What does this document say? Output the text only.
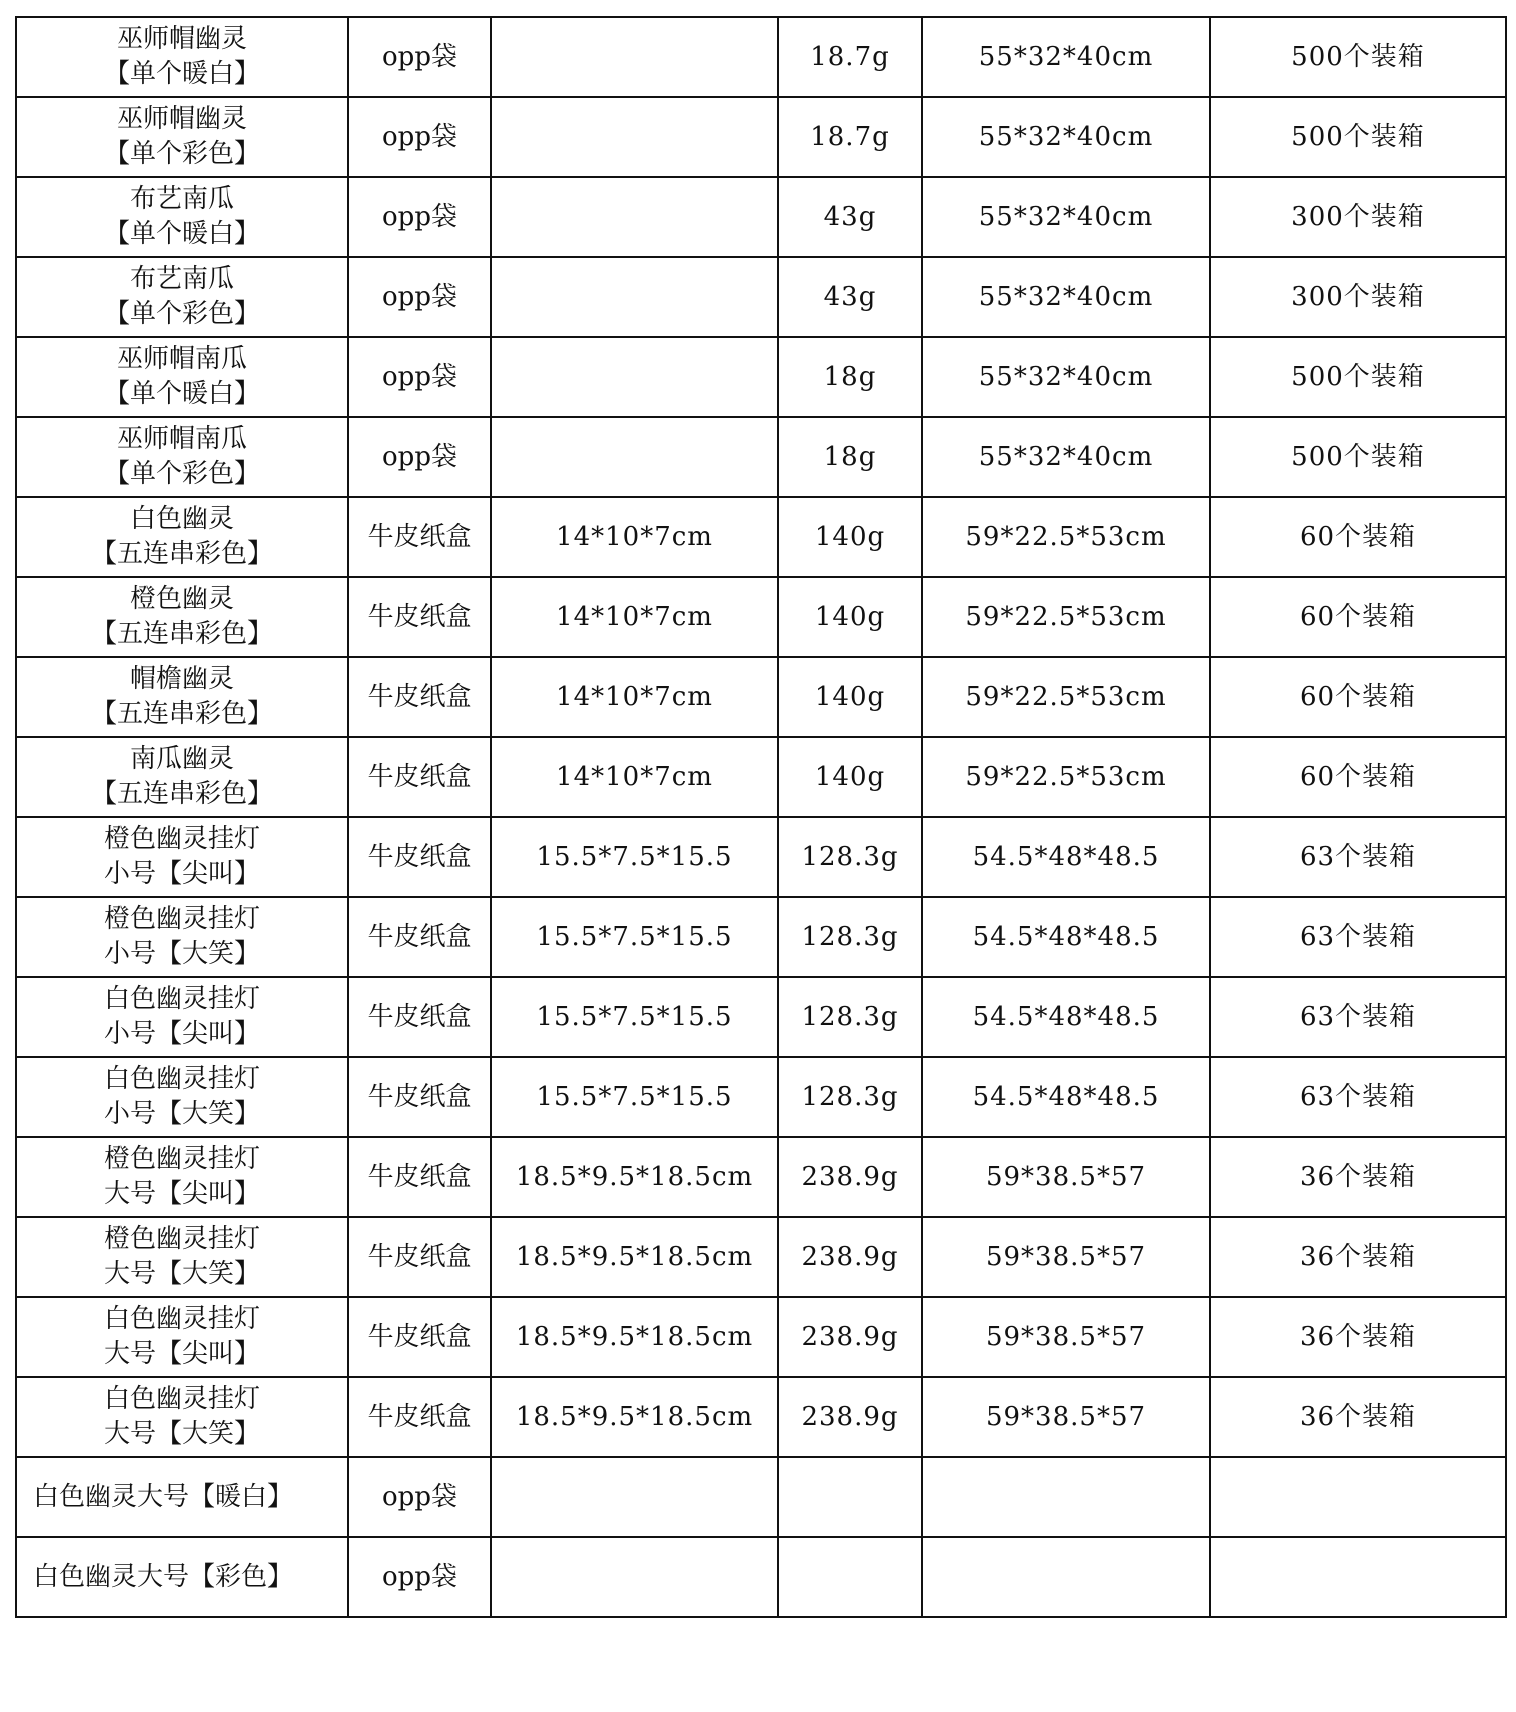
巫师帽幽灵
【单个暖白】	opp袋		18.7g	55*32*40cm	500个装箱

巫师帽幽灵
【单个彩色】	opp袋		18.7g	55*32*40cm	500个装箱

布艺南瓜
【单个暖白】	opp袋		43g	55*32*40cm	300个装箱

布艺南瓜
【单个彩色】	opp袋		43g	55*32*40cm	300个装箱

巫师帽南瓜
【单个暖白】	opp袋		18g	55*32*40cm	500个装箱

巫师帽南瓜
【单个彩色】	opp袋		18g	55*32*40cm	500个装箱

白色幽灵
【五连串彩色】	牛皮纸盒	14*10*7cm	140g	59*22.5*53cm	60个装箱

橙色幽灵
【五连串彩色】	牛皮纸盒	14*10*7cm	140g	59*22.5*53cm	60个装箱

帽檐幽灵
【五连串彩色】	牛皮纸盒	14*10*7cm	140g	59*22.5*53cm	60个装箱

南瓜幽灵
【五连串彩色】	牛皮纸盒	14*10*7cm	140g	59*22.5*53cm	60个装箱

橙色幽灵挂灯
小号【尖叫】	牛皮纸盒	15.5*7.5*15.5	128.3g	54.5*48*48.5	63个装箱

橙色幽灵挂灯
小号【大笑】	牛皮纸盒	15.5*7.5*15.5	128.3g	54.5*48*48.5	63个装箱

白色幽灵挂灯
小号【尖叫】	牛皮纸盒	15.5*7.5*15.5	128.3g	54.5*48*48.5	63个装箱

白色幽灵挂灯
小号【大笑】	牛皮纸盒	15.5*7.5*15.5	128.3g	54.5*48*48.5	63个装箱

橙色幽灵挂灯
大号【尖叫】	牛皮纸盒	18.5*9.5*18.5cm	238.9g	59*38.5*57	36个装箱

橙色幽灵挂灯
大号【大笑】	牛皮纸盒	18.5*9.5*18.5cm	238.9g	59*38.5*57	36个装箱

白色幽灵挂灯
大号【尖叫】	牛皮纸盒	18.5*9.5*18.5cm	238.9g	59*38.5*57	36个装箱

白色幽灵挂灯
大号【大笑】	牛皮纸盒	18.5*9.5*18.5cm	238.9g	59*38.5*57	36个装箱

白色幽灵大号【暖白】	opp袋				

白色幽灵大号【彩色】	opp袋				
